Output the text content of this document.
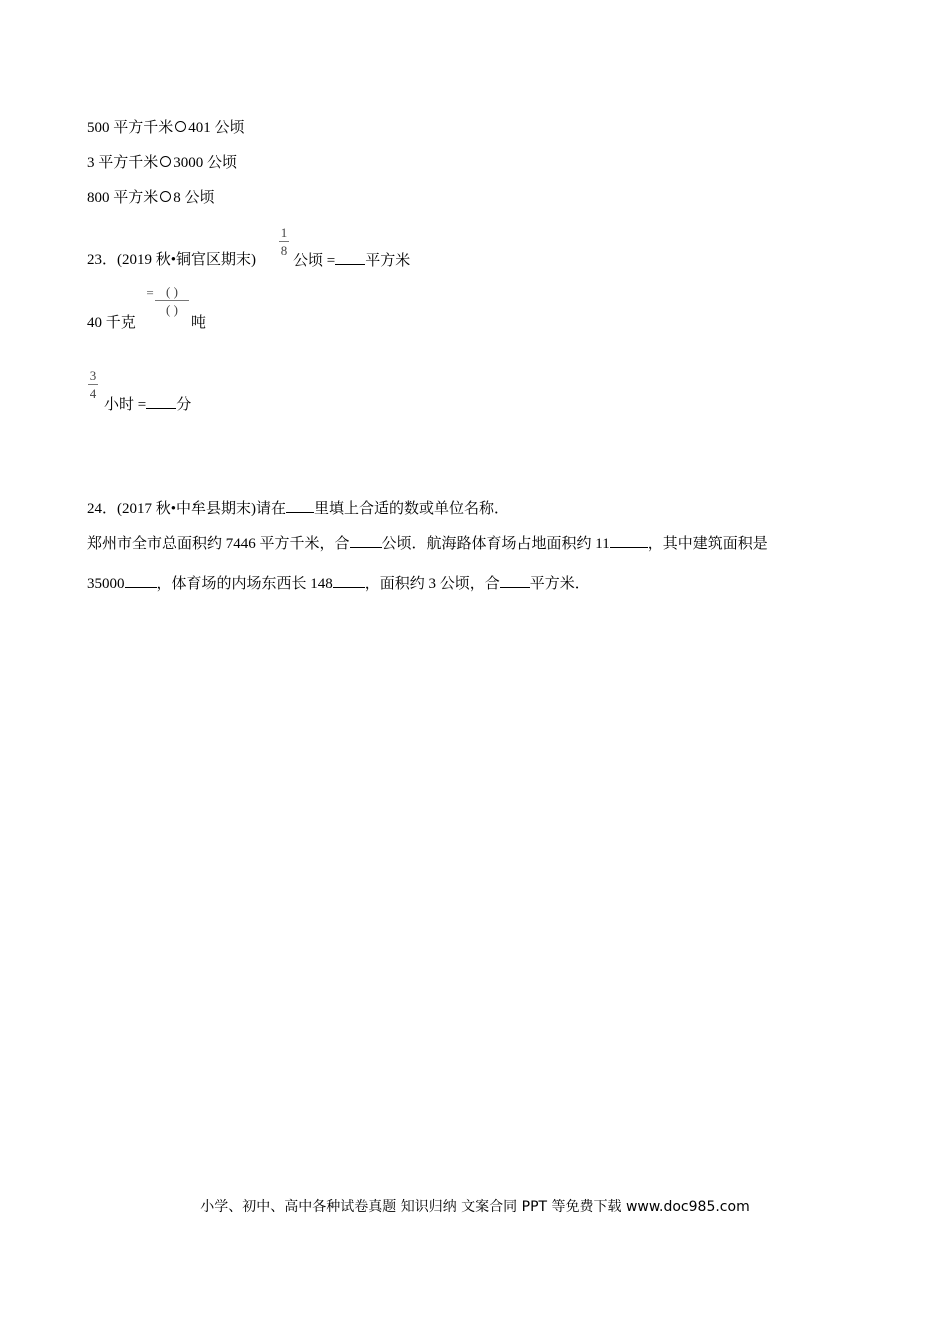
500 平方千米 401 公顷
3 平方千米 3000 公顷
800 平方米 8 公顷
23．(2019 秋•铜官区期末)
1
8
公顷 = 平方米
40 千克
= ( )
( )
吨
3
4
小时 = 分
24．(2017 秋•中牟县期末)请在 里填上合适的数或单位名称．
郑州市全市总面积约 7446 平方千米，合 公顷．航海路体育场占地面积约 11	，其中建筑面积是
35000 ，体育场的内场东西长 148 ，面积约 3 公顷，合 平方米．
小学、初中、高中各种试卷真题 知识归纳 文案合同 PPT 等免费下载 www.doc985.com
